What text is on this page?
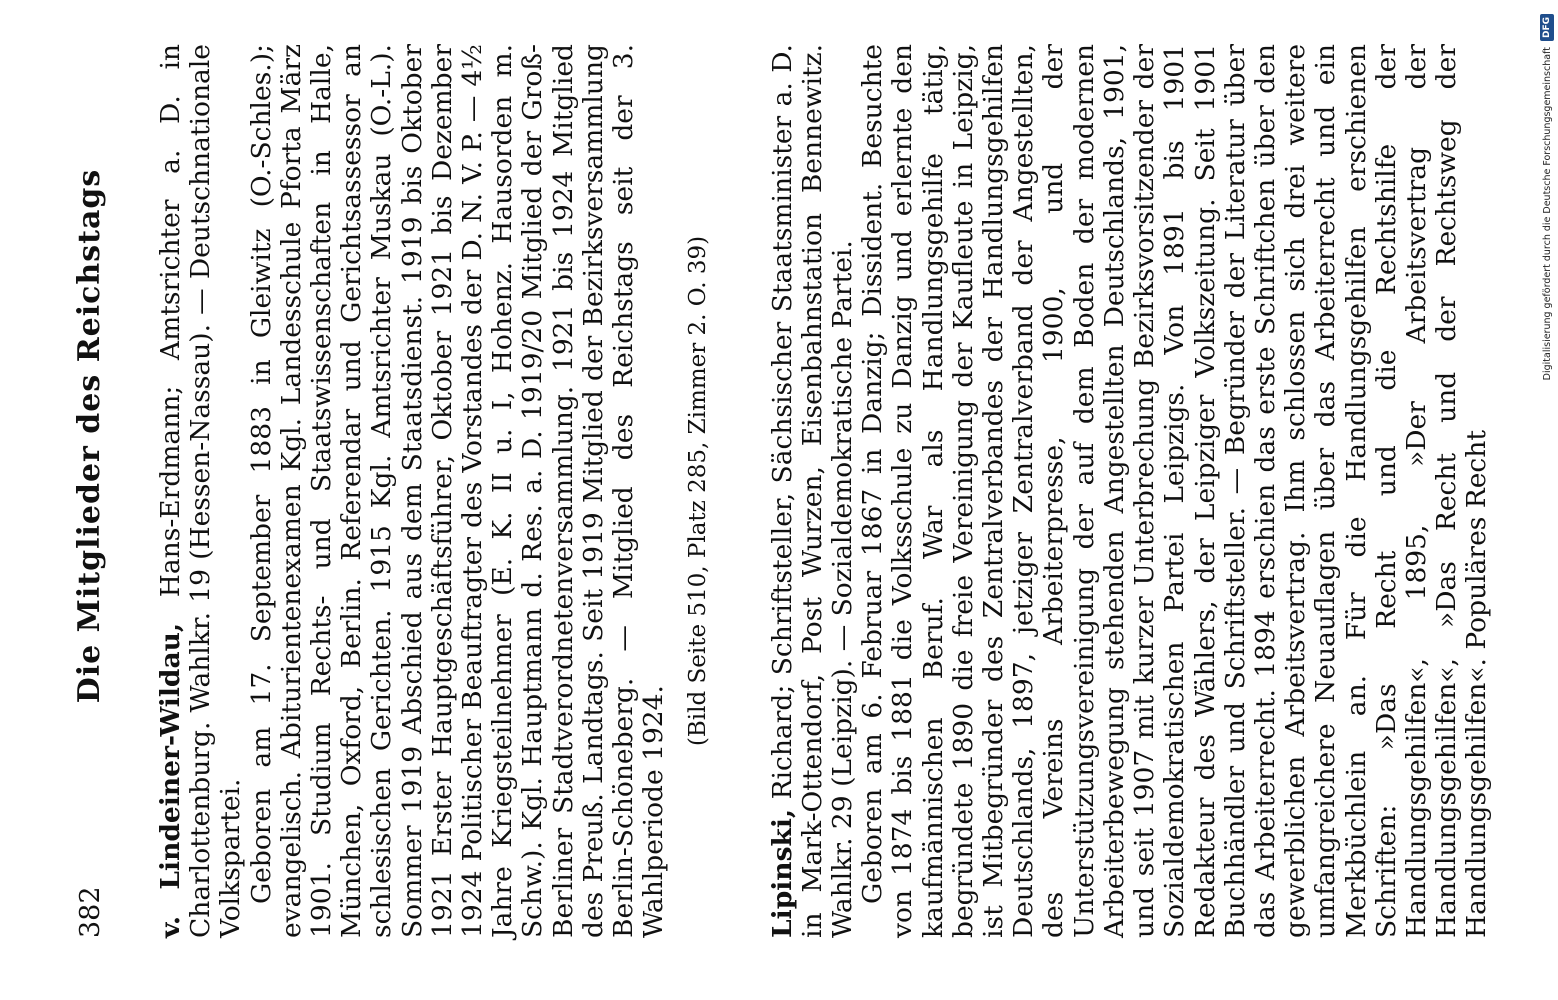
382
Die Mitglieder des Reichstags

v. Lindeiner-Wildau, Hans-Erdmann; Amtsrichter a. D. in Charlottenburg. Wahlkr. 19 (Hessen-Nassau). — Deutschnationale Volkspartei. Geboren am 17. September 1883 in Gleiwitz (O.-Schles.); evangelisch. Abiturientenexamen Kgl. Landesschule Pforta März 1901. Studium Rechts- und Staatswissenschaften in Halle, München, Oxford, Berlin. Referendar und Gerichtsassessor an schlesischen Gerichten. 1915 Kgl. Amtsrichter Muskau (O.-L.). Sommer 1919 Abschied aus dem Staatsdienst. 1919 bis Oktober 1921 Erster Hauptgeschäftsführer, Oktober 1921 bis Dezember 1924 Politischer Beauftragter des Vorstandes der D. N. V. P. — 4½ Jahre Kriegsteilnehmer (E. K. II u. I, Hohenz. Hausorden m. Schw.). Kgl. Hauptmann d. Res. a. D. 1919/20 Mitglied der Groß-Berliner Stadtverordnetenversammlung. 1921 bis 1924 Mitglied des Preuß. Landtags. Seit 1919 Mitglied der Bezirksversammlung Berlin-Schöneberg. — Mitglied des Reichstags seit der 3. Wahlperiode 1924.

(Bild Seite 510, Platz 285, Zimmer 2. O. 39)

Lipinski, Richard; Schriftsteller, Sächsischer Staatsminister a. D. in Mark-Ottendorf, Post Wurzen, Eisenbahnstation Bennewitz. Wahlkr. 29 (Leipzig). — Sozialdemokratische Partei. Geboren am 6. Februar 1867 in Danzig; Dissident. Besuchte von 1874 bis 1881 die Volksschule zu Danzig und erlernte den kaufmännischen Beruf. War als Handlungsgehilfe tätig, begründete 1890 die freie Vereinigung der Kaufleute in Leipzig, ist Mitbegründer des Zentralverbandes der Handlungsgehilfen Deutschlands, 1897, jetziger Zentralverband der Angestellten, des Vereins Arbeiterpresse, 1900, und der Unterstützungsvereinigung der auf dem Boden der modernen Arbeiterbewegung stehenden Angestellten Deutschlands, 1901, und seit 1907 mit kurzer Unterbrechung Bezirksvorsitzender der Sozialdemokratischen Partei Leipzigs. Von 1891 bis 1901 Redakteur des Wählers, der Leipziger Volkszeitung. Seit 1901 Buchhändler und Schriftsteller. — Begründer der Literatur über das Arbeiterrecht. 1894 erschien das erste Schriftchen über den gewerblichen Arbeitsvertrag. Ihm schlossen sich drei weitere umfangreichere Neuauflagen über das Arbeiterrecht und ein Merkbüchlein an. Für die Handlungsgehilfen erschienen Schriften: »Das Recht und die Rechtshilfe der Handlungsgehilfen«, 1895, »Der Arbeitsvertrag der Handlungsgehilfen«, »Das Recht und der Rechtsweg der Handlungsgehilfen«. Populäres Recht

Digitalisierung gefördert durch die Deutsche Forschungsgemeinschaft
DFG
